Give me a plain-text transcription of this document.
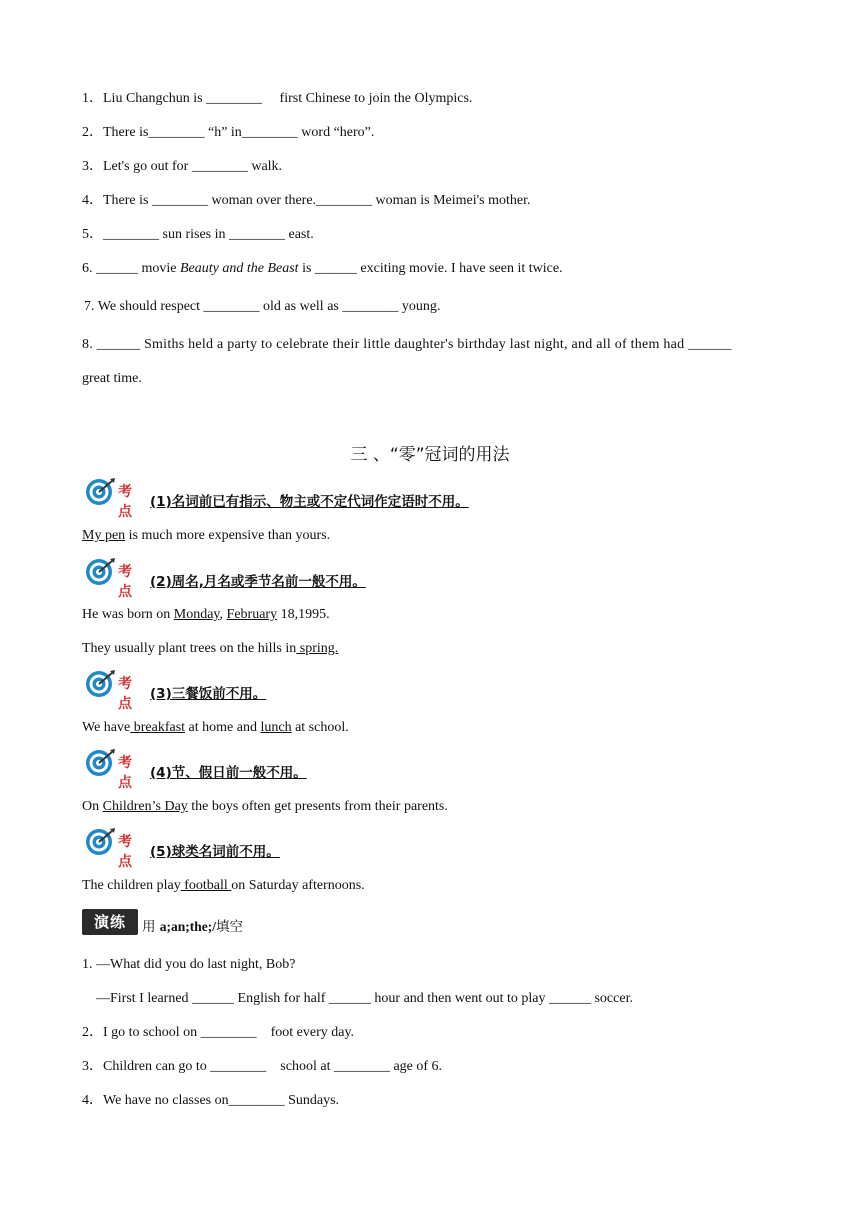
1．Liu Changchun is ________     first Chinese to join the Olympics.
2．There is________ “h” in________ word “hero”.
3．Let's go out for ________ walk.
4．There is ________ woman over there.________ woman is Meimei's mother.
5．________ sun rises in ________ east.
6. ______ movie Beauty and the Beast is ______ exciting movie. I have seen it twice.
7. We should respect ________ old as well as ________ young.
8. ______ Smiths held a party to celebrate their little daughter's birthday last night, and all of them had ______
great time.
三 、“零”冠词的用法
考点
(1)名词前已有指示、物主或不定代词作定语时不用。
My pen is much more expensive than yours.
考点
(2)周名,月名或季节名前一般不用。
He was born on Monday, February 18,1995.
They usually plant trees on the hills in spring.
考点
(3)三餐饭前不用。
We have breakfast at home and lunch at school.
考点
(4)节、假日前一般不用。
On Children’s Day the boys often get presents from their parents.
考点
(5)球类名词前不用。
The children play football on Saturday afternoons.
演练	用 a;an;the;/填空
1. —What did you do last night, Bob?
—First I learned ______ English for half ______ hour and then went out to play ______ soccer.
2．I go to school on ________    foot every day.
3．Children can go to ________    school at ________ age of 6.
4．We have no classes on________ Sundays.
